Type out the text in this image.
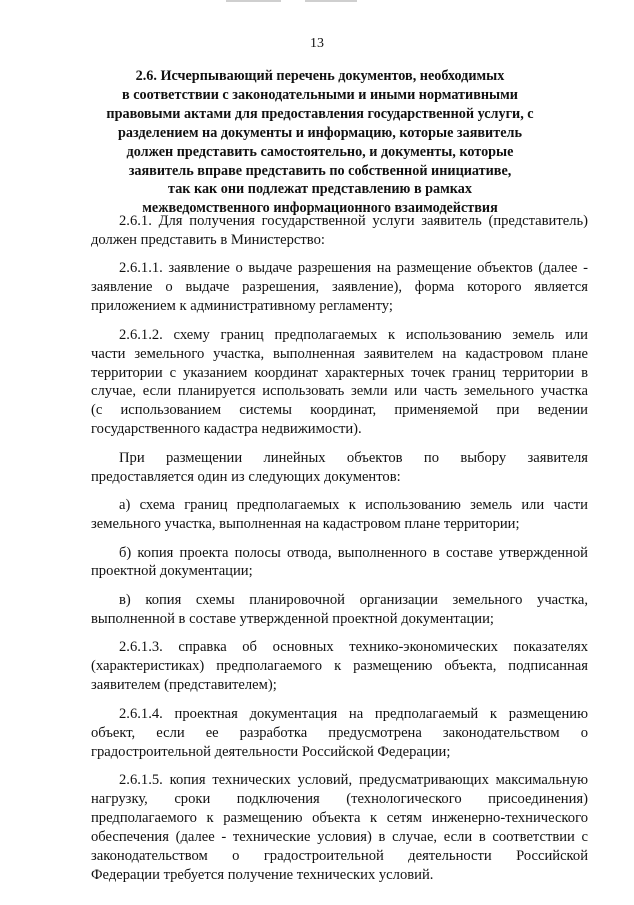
13
2.6. Исчерпывающий перечень документов, необходимых
в соответствии с законодательными и иными нормативными
правовыми актами для предоставления государственной услуги, с
разделением на документы и информацию, которые заявитель
должен представить самостоятельно, и документы, которые
заявитель вправе представить по собственной инициативе,
так как они подлежат представлению в рамках
межведомственного информационного взаимодействия

2.6.1. Для получения государственной услуги заявитель (представитель)
должен представить в Министерство:

2.6.1.1. заявление о выдаче разрешения на размещение объектов (далее -
заявление о выдаче разрешения, заявление), форма которого является
приложением к административному регламенту;

2.6.1.2. схему границ предполагаемых к использованию земель или
части земельного участка, выполненная заявителем на кадастровом плане
территории с указанием координат характерных точек границ территории в
случае, если планируется использовать земли или часть земельного участка
(с использованием системы координат, применяемой при ведении
государственного кадастра недвижимости).

При размещении линейных объектов по выбору заявителя
предоставляется один из следующих документов:

а) схема границ предполагаемых к использованию земель или части
земельного участка, выполненная на кадастровом плане территории;

б) копия проекта полосы отвода, выполненного в составе утвержденной
проектной документации;

в) копия схемы планировочной организации земельного участка,
выполненной в составе утвержденной проектной документации;

2.6.1.3. справка об основных технико-экономических показателях
(характеристиках) предполагаемого к размещению объекта, подписанная
заявителем (представителем);

2.6.1.4. проектная документация на предполагаемый к размещению
объект, если ее разработка предусмотрена законодательством о
градостроительной деятельности Российской Федерации;

2.6.1.5. копия технических условий, предусматривающих максимальную
нагрузку, сроки подключения (технологического присоединения)
предполагаемого к размещению объекта к сетям инженерно-технического
обеспечения (далее - технические условия) в случае, если в соответствии с
законодательством о градостроительной деятельности Российской
Федерации требуется получение технических условий.
